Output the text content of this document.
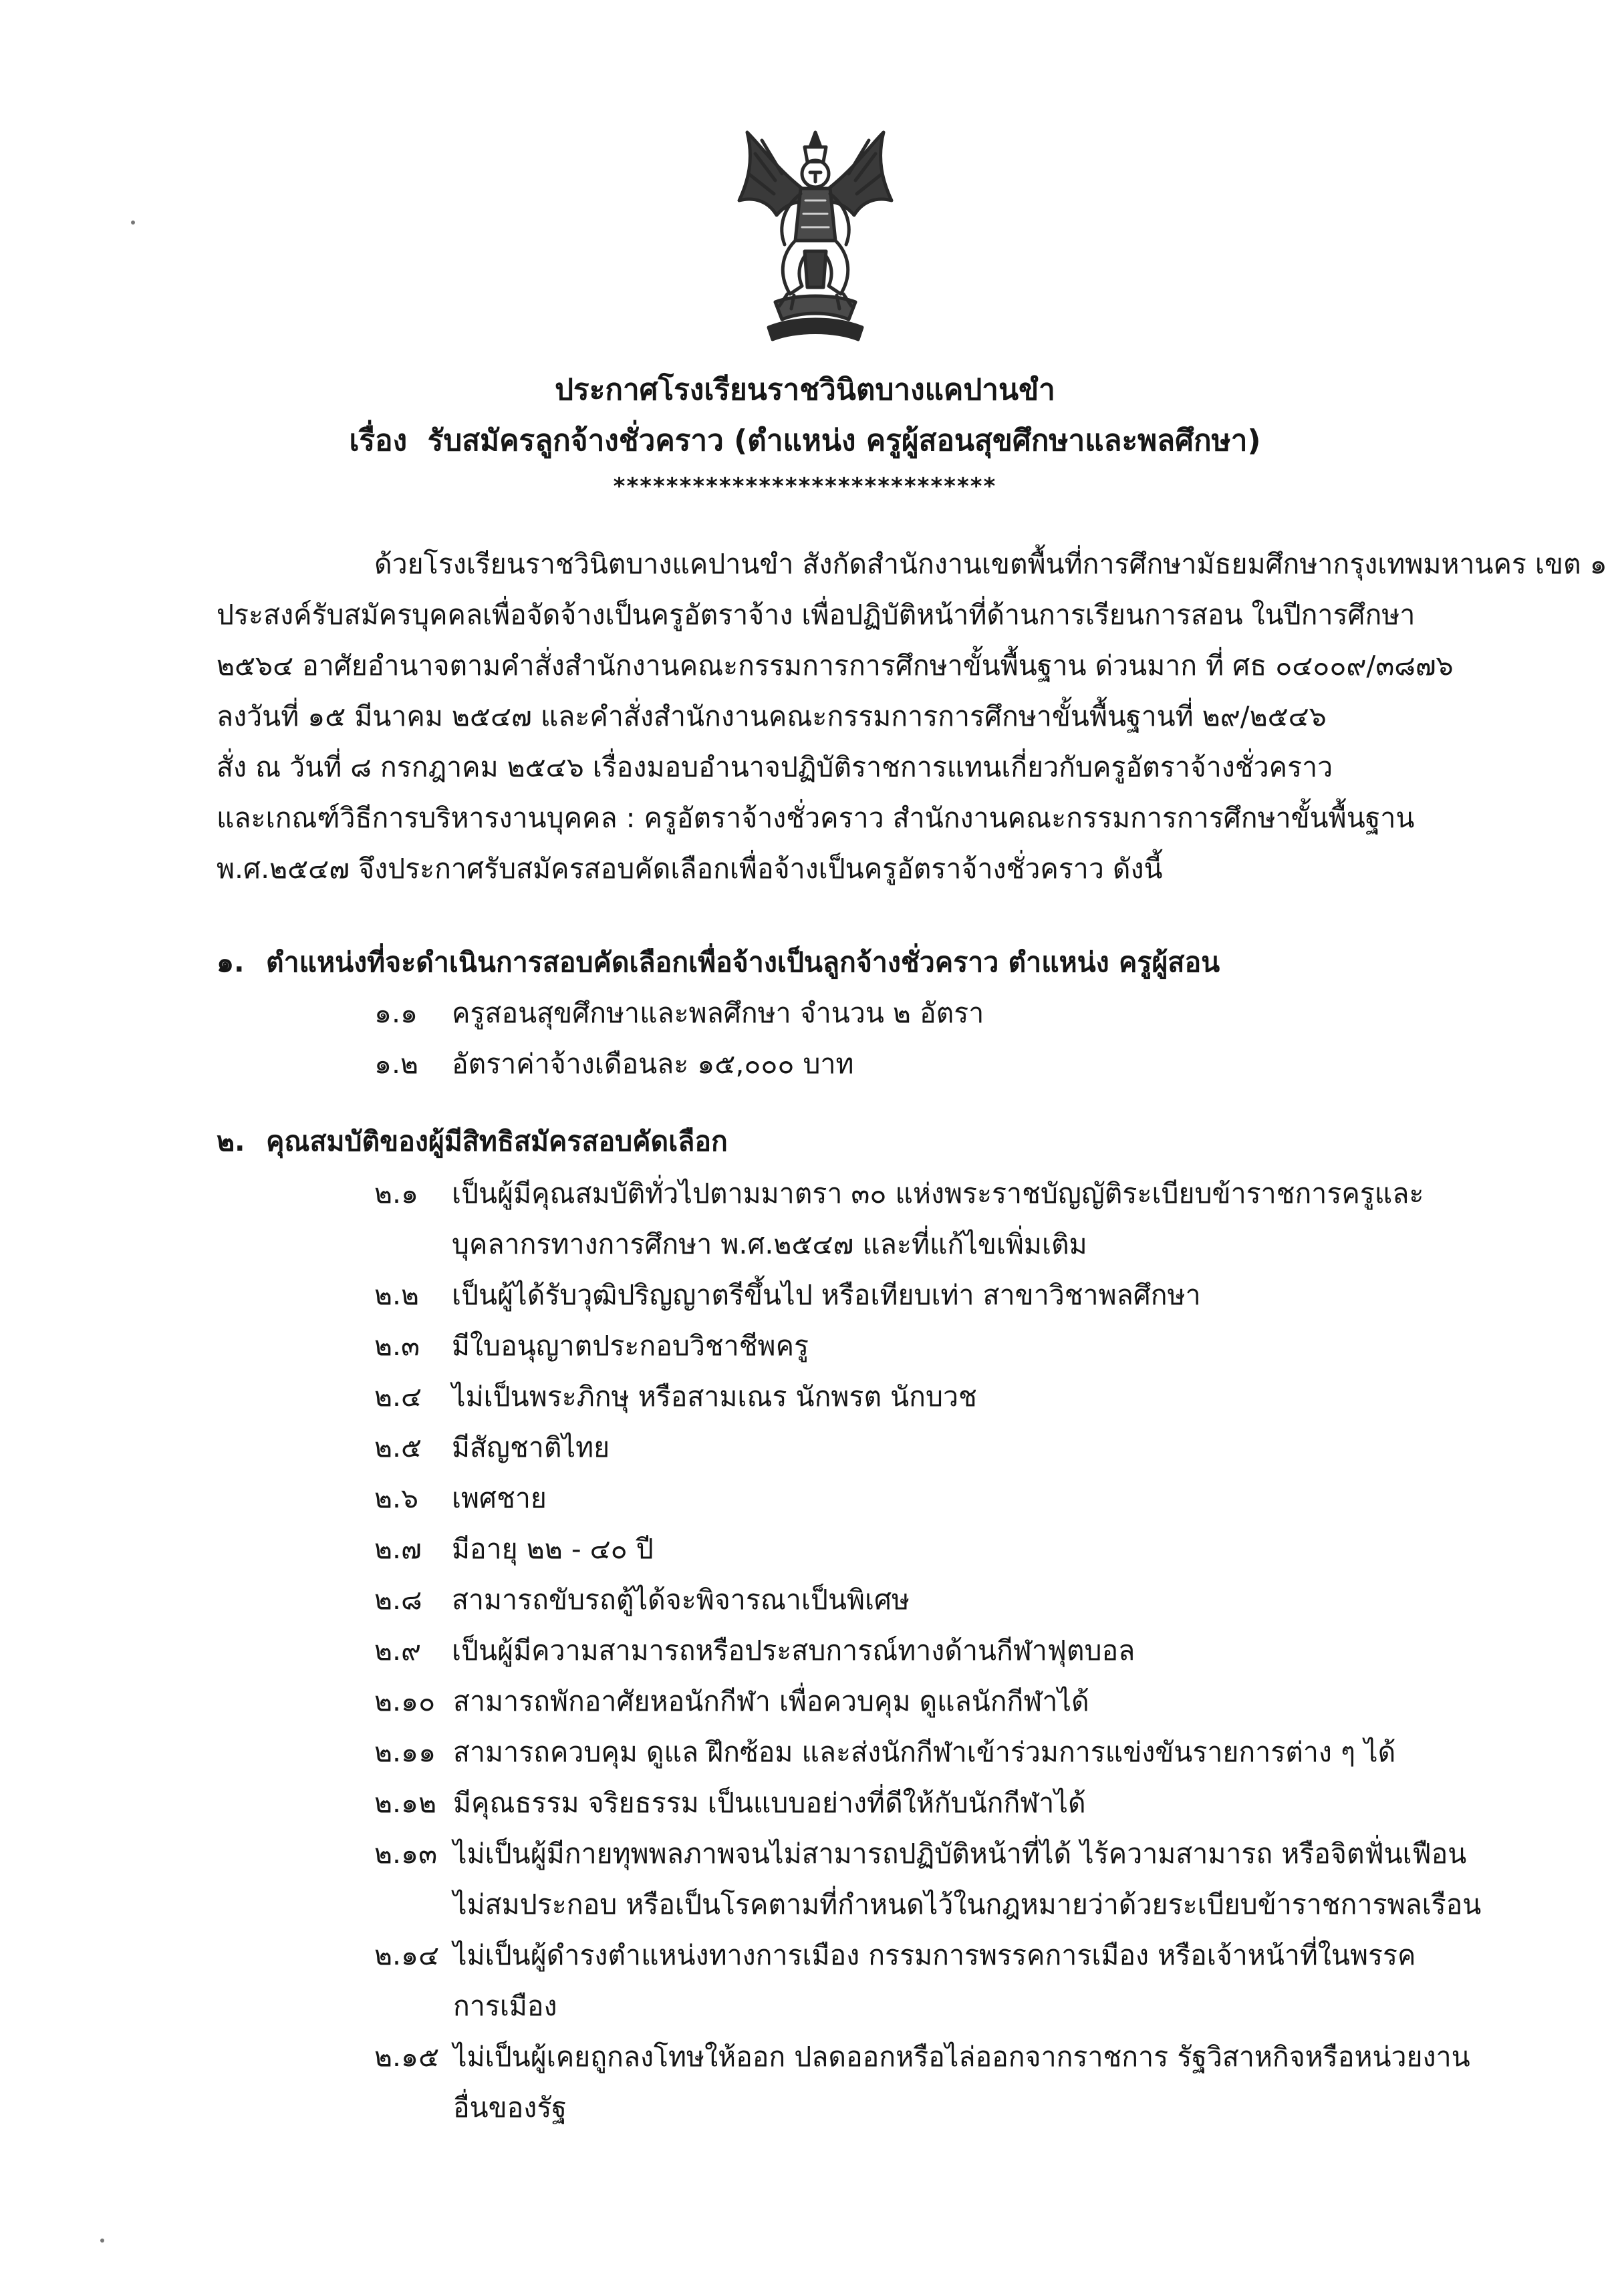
ประกาศโรงเรียนราชวินิตบางแคปานขำ
เรื่อง รับสมัครลูกจ้างชั่วคราว (ตำแหน่ง ครูผู้สอนสุขศึกษาและพลศึกษา)
*****************************
ด้วยโรงเรียนราชวินิตบางแคปานขำ สังกัดสำนักงานเขตพื้นที่การศึกษามัธยมศึกษากรุงเทพมหานคร เขต ๑
ประสงค์รับสมัครบุคคลเพื่อจัดจ้างเป็นครูอัตราจ้าง เพื่อปฏิบัติหน้าที่ด้านการเรียนการสอน ในปีการศึกษา
๒๕๖๔ อาศัยอำนาจตามคำสั่งสำนักงานคณะกรรมการการศึกษาขั้นพื้นฐาน ด่วนมาก ที่ ศธ ๐๔๐๐๙/๓๘๗๖
ลงวันที่ ๑๕ มีนาคม ๒๕๔๗ และคำสั่งสำนักงานคณะกรรมการการศึกษาขั้นพื้นฐานที่ ๒๙/๒๕๔๖
สั่ง ณ วันที่ ๘ กรกฎาคม ๒๕๔๖ เรื่องมอบอำนาจปฏิบัติราชการแทนเกี่ยวกับครูอัตราจ้างชั่วคราว
และเกณฑ์วิธีการบริหารงานบุคคล : ครูอัตราจ้างชั่วคราว สำนักงานคณะกรรมการการศึกษาขั้นพื้นฐาน
พ.ศ.๒๕๔๗ จึงประกาศรับสมัครสอบคัดเลือกเพื่อจ้างเป็นครูอัตราจ้างชั่วคราว ดังนี้
๑. ตำแหน่งที่จะดำเนินการสอบคัดเลือกเพื่อจ้างเป็นลูกจ้างชั่วคราว ตำแหน่ง ครูผู้สอน
๑.๑ ครูสอนสุขศึกษาและพลศึกษา จำนวน ๒ อัตรา
๑.๒ อัตราค่าจ้างเดือนละ ๑๕,๐๐๐ บาท
๒. คุณสมบัติของผู้มีสิทธิสมัครสอบคัดเลือก
๒.๑ เป็นผู้มีคุณสมบัติทั่วไปตามมาตรา ๓๐ แห่งพระราชบัญญัติระเบียบข้าราชการครูและ
บุคลากรทางการศึกษา พ.ศ.๒๕๔๗ และที่แก้ไขเพิ่มเติม
๒.๒ เป็นผู้ได้รับวุฒิปริญญาตรีขึ้นไป หรือเทียบเท่า สาขาวิชาพลศึกษา
๒.๓ มีใบอนุญาตประกอบวิชาชีพครู
๒.๔ ไม่เป็นพระภิกษุ หรือสามเณร นักพรต นักบวช
๒.๕ มีสัญชาติไทย
๒.๖ เพศชาย
๒.๗ มีอายุ ๒๒ - ๔๐ ปี
๒.๘ สามารถขับรถตู้ได้จะพิจารณาเป็นพิเศษ
๒.๙ เป็นผู้มีความสามารถหรือประสบการณ์ทางด้านกีฬาฟุตบอล
๒.๑๐ สามารถพักอาศัยหอนักกีฬา เพื่อควบคุม ดูแลนักกีฬาได้
๒.๑๑ สามารถควบคุม ดูแล ฝึกซ้อม และส่งนักกีฬาเข้าร่วมการแข่งขันรายการต่าง ๆ ได้
๒.๑๒ มีคุณธรรม จริยธรรม เป็นแบบอย่างที่ดีให้กับนักกีฬาได้
๒.๑๓ ไม่เป็นผู้มีกายทุพพลภาพจนไม่สามารถปฏิบัติหน้าที่ได้ ไร้ความสามารถ หรือจิตฟั่นเฟือน
ไม่สมประกอบ หรือเป็นโรคตามที่กำหนดไว้ในกฎหมายว่าด้วยระเบียบข้าราชการพลเรือน
๒.๑๔ ไม่เป็นผู้ดำรงตำแหน่งทางการเมือง กรรมการพรรคการเมือง หรือเจ้าหน้าที่ในพรรค
การเมือง
๒.๑๕ ไม่เป็นผู้เคยถูกลงโทษให้ออก ปลดออกหรือไล่ออกจากราชการ รัฐวิสาหกิจหรือหน่วยงาน
อื่นของรัฐ
